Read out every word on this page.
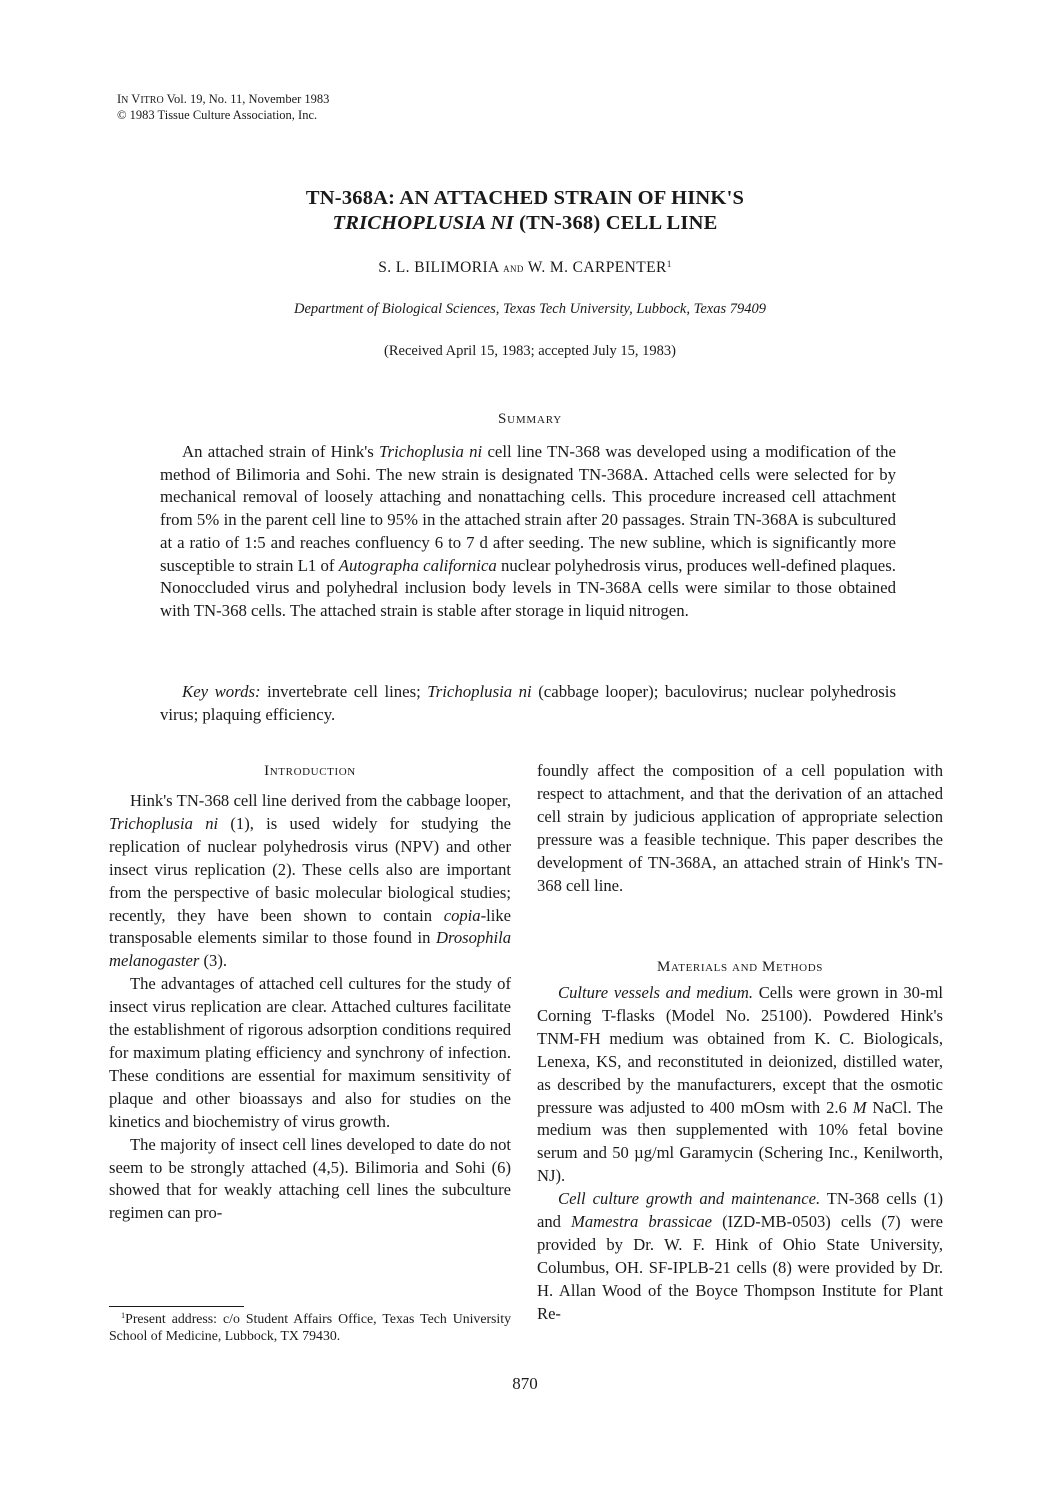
IN VITRO Vol. 19, No. 11, November 1983
© 1983 Tissue Culture Association, Inc.
TN-368A: AN ATTACHED STRAIN OF HINK'S
TRICHOPLUSIA NI (TN-368) CELL LINE
S. L. BILIMORIA and W. M. CARPENTER$^1$
Department of Biological Sciences, Texas Tech University, Lubbock, Texas 79409
(Received April 15, 1983; accepted July 15, 1983)
Summary

An attached strain of Hink's Trichoplusia ni cell line TN-368 was developed using a modification of the method of Bilimoria and Sohi. The new strain is designated TN-368A. Attached cells were selected for by mechanical removal of loosely attaching and nonattaching cells. This procedure increased cell attachment from 5% in the parent cell line to 95% in the attached strain after 20 passages. Strain TN-368A is subcultured at a ratio of 1:5 and reaches confluency 6 to 7 d after seeding. The new subline, which is significantly more susceptible to strain L1 of Autographa californica nuclear polyhedrosis virus, produces well-defined plaques. Nonoccluded virus and polyhedral inclusion body levels in TN-368A cells were similar to those obtained with TN-368 cells. The attached strain is stable after storage in liquid nitrogen.

Key words: invertebrate cell lines; Trichoplusia ni (cabbage looper); baculovirus; nuclear polyhedrosis virus; plaquing efficiency.

Introduction

Hink's TN-368 cell line derived from the cabbage looper, Trichoplusia ni (1), is used widely for studying the replication of nuclear polyhedrosis virus (NPV) and other insect virus replication (2). These cells also are important from the perspective of basic molecular biological studies; recently, they have been shown to contain copia-like transposable elements similar to those found in Drosophila melanogaster (3).

The advantages of attached cell cultures for the study of insect virus replication are clear. Attached cultures facilitate the establishment of rigorous adsorption conditions required for maximum plating efficiency and synchrony of infection. These conditions are essential for maximum sensitivity of plaque and other bioassays and also for studies on the kinetics and biochemistry of virus growth.

The majority of insect cell lines developed to date do not seem to be strongly attached (4,5). Bilimoria and Sohi (6) showed that for weakly attaching cell lines the subculture regimen can pro-

foundly affect the composition of a cell population with respect to attachment, and that the derivation of an attached cell strain by judicious application of appropriate selection pressure was a feasible technique. This paper describes the development of TN-368A, an attached strain of Hink's TN-368 cell line.

Materials and Methods

Culture vessels and medium. Cells were grown in 30-ml Corning T-flasks (Model No. 25100). Powdered Hink's TNM-FH medium was obtained from K. C. Biologicals, Lenexa, KS, and reconstituted in deionized, distilled water, as described by the manufacturers, except that the osmotic pressure was adjusted to 400 mOsm with 2.6 M NaCl. The medium was then supplemented with 10% fetal bovine serum and 50 µg/ml Garamycin (Schering Inc., Kenilworth, NJ).

Cell culture growth and maintenance. TN-368 cells (1) and Mamestra brassicae (IZD-MB-0503) cells (7) were provided by Dr. W. F. Hink of Ohio State University, Columbus, OH. SF-IPLB-21 cells (8) were provided by Dr. H. Allan Wood of the Boyce Thompson Institute for Plant Re-

$^1$Present address: c/o Student Affairs Office, Texas Tech University School of Medicine, Lubbock, TX 79430.

870
